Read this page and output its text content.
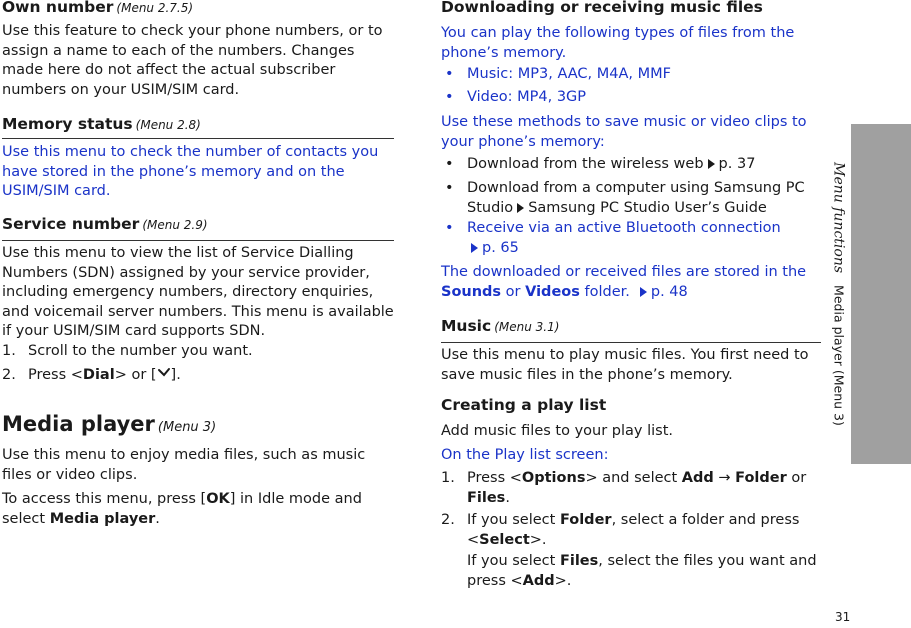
Own number (Menu 2.7.5)

Use this feature to check your phone numbers, or to assign a name to each of the numbers. Changes made here do not affect the actual subscriber numbers on your USIM/SIM card.

Memory status (Menu 2.8)

Use this menu to check the number of contacts you have stored in the phone’s memory and on the USIM/SIM card.

Service number (Menu 2.9)

Use this menu to view the list of Service Dialling Numbers (SDN) assigned by your service provider, including emergency numbers, directory enquiries, and voicemail server numbers. This menu is available if your USIM/SIM card supports SDN.

1. Scroll to the number you want.
2. Press <Dial> or [ ].
Media player (Menu 3)

Use this menu to enjoy media files, such as music files or video clips.

To access this menu, press [OK] in Idle mode and select Media player.

Downloading or receiving music files

You can play the following types of files from the phone’s memory.

• Music: MP3, AAC, M4A, MMF
• Video: MP4, 3GP

Use these methods to save music or video clips to your phone’s memory:

• Download from the wireless web p. 37
• Download from a computer using Samsung PC Studio Samsung PC Studio User’s Guide
• Receive via an active Bluetooth connection
p. 65

The downloaded or received files are stored in the Sounds or Videos folder. p. 48

Music (Menu 3.1)

Use this menu to play music files. You first need to save music files in the phone’s memory.

Creating a play list

Add music files to your play list.

On the Play list screen:

1. Press <Options> and select Add → Folder or Files.
2. If you select Folder, select a folder and press <Select>.
If you select Files, select the files you want and press <Add>.
Menu functionsMedia player (Menu 3)
31
